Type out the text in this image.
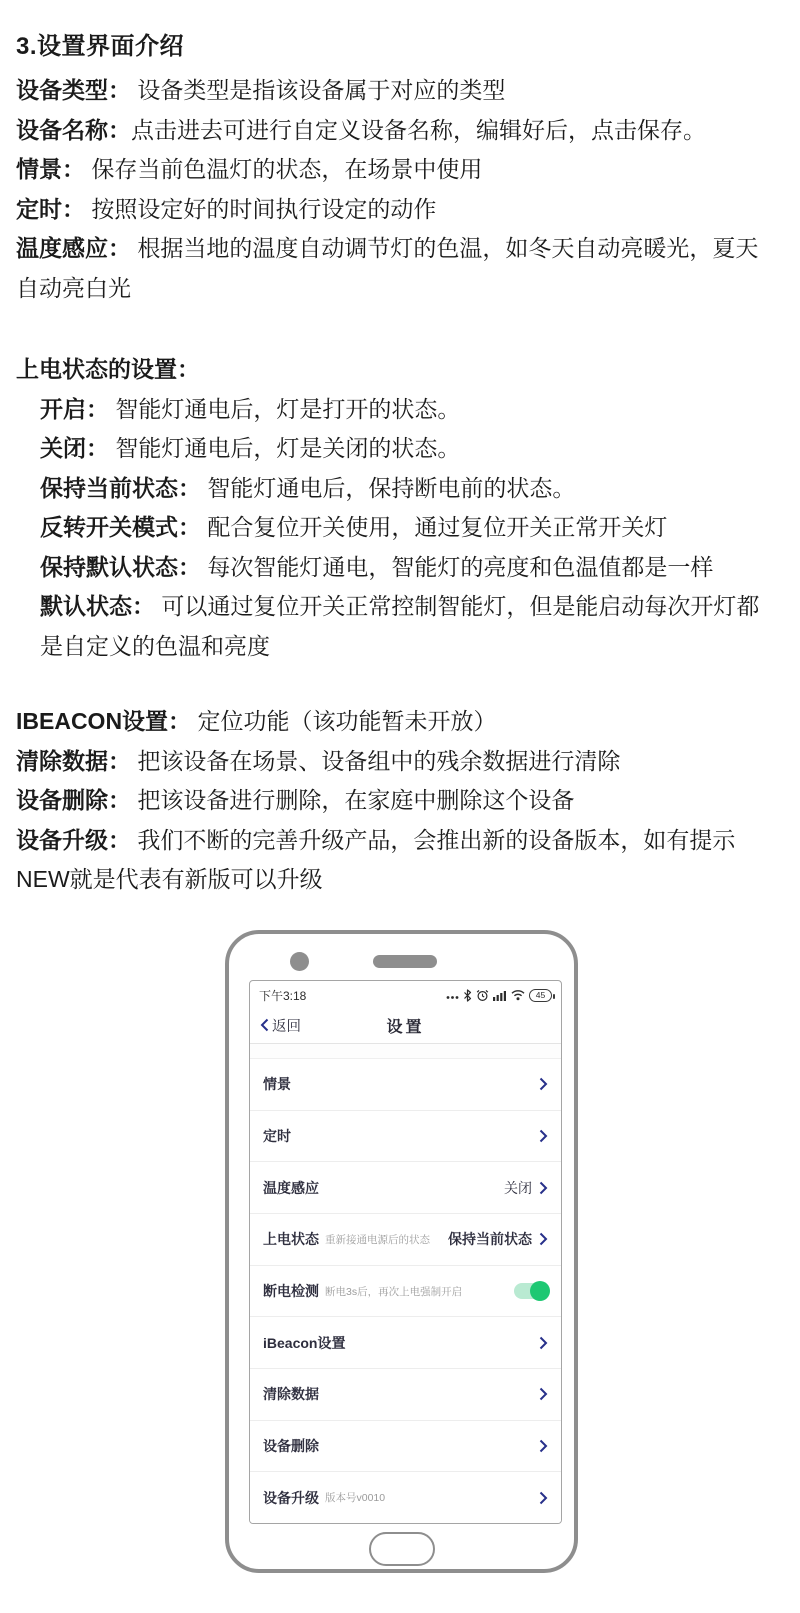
3.设置界面介绍

设备类型： 设备类型是指该设备属于对应的类型

设备名称：点击进去可进行自定义设备名称，编辑好后，点击保存。

情景： 保存当前色温灯的状态，在场景中使用

定时： 按照设定好的时间执行设定的动作

温度感应： 根据当地的温度自动调节灯的色温，如冬天自动亮暖光，夏天自动亮白光

上电状态的设置：

开启： 智能灯通电后，灯是打开的状态。

关闭： 智能灯通电后，灯是关闭的状态。

保持当前状态： 智能灯通电后，保持断电前的状态。

反转开关模式： 配合复位开关使用，通过复位开关正常开关灯

保持默认状态： 每次智能灯通电，智能灯的亮度和色温值都是一样

默认状态： 可以通过复位开关正常控制智能灯，但是能启动每次开灯都是自定义的色温和亮度

IBEACON设置： 定位功能（该功能暂未开放）

清除数据： 把该设备在场景、设备组中的残余数据进行清除

设备删除： 把该设备进行删除，在家庭中删除这个设备

设备升级： 我们不断的完善升级产品，会推出新的设备版本，如有提示NEW就是代表有新版可以升级

下午3:18	45
返回	设置
情景
定时
温度感应	关闭
上电状态 重新接通电源后的状态 保持当前状态
断电检测 断电3s后，再次上电强制开启
iBeacon设置
清除数据
设备删除
设备升级 版本号v0010
